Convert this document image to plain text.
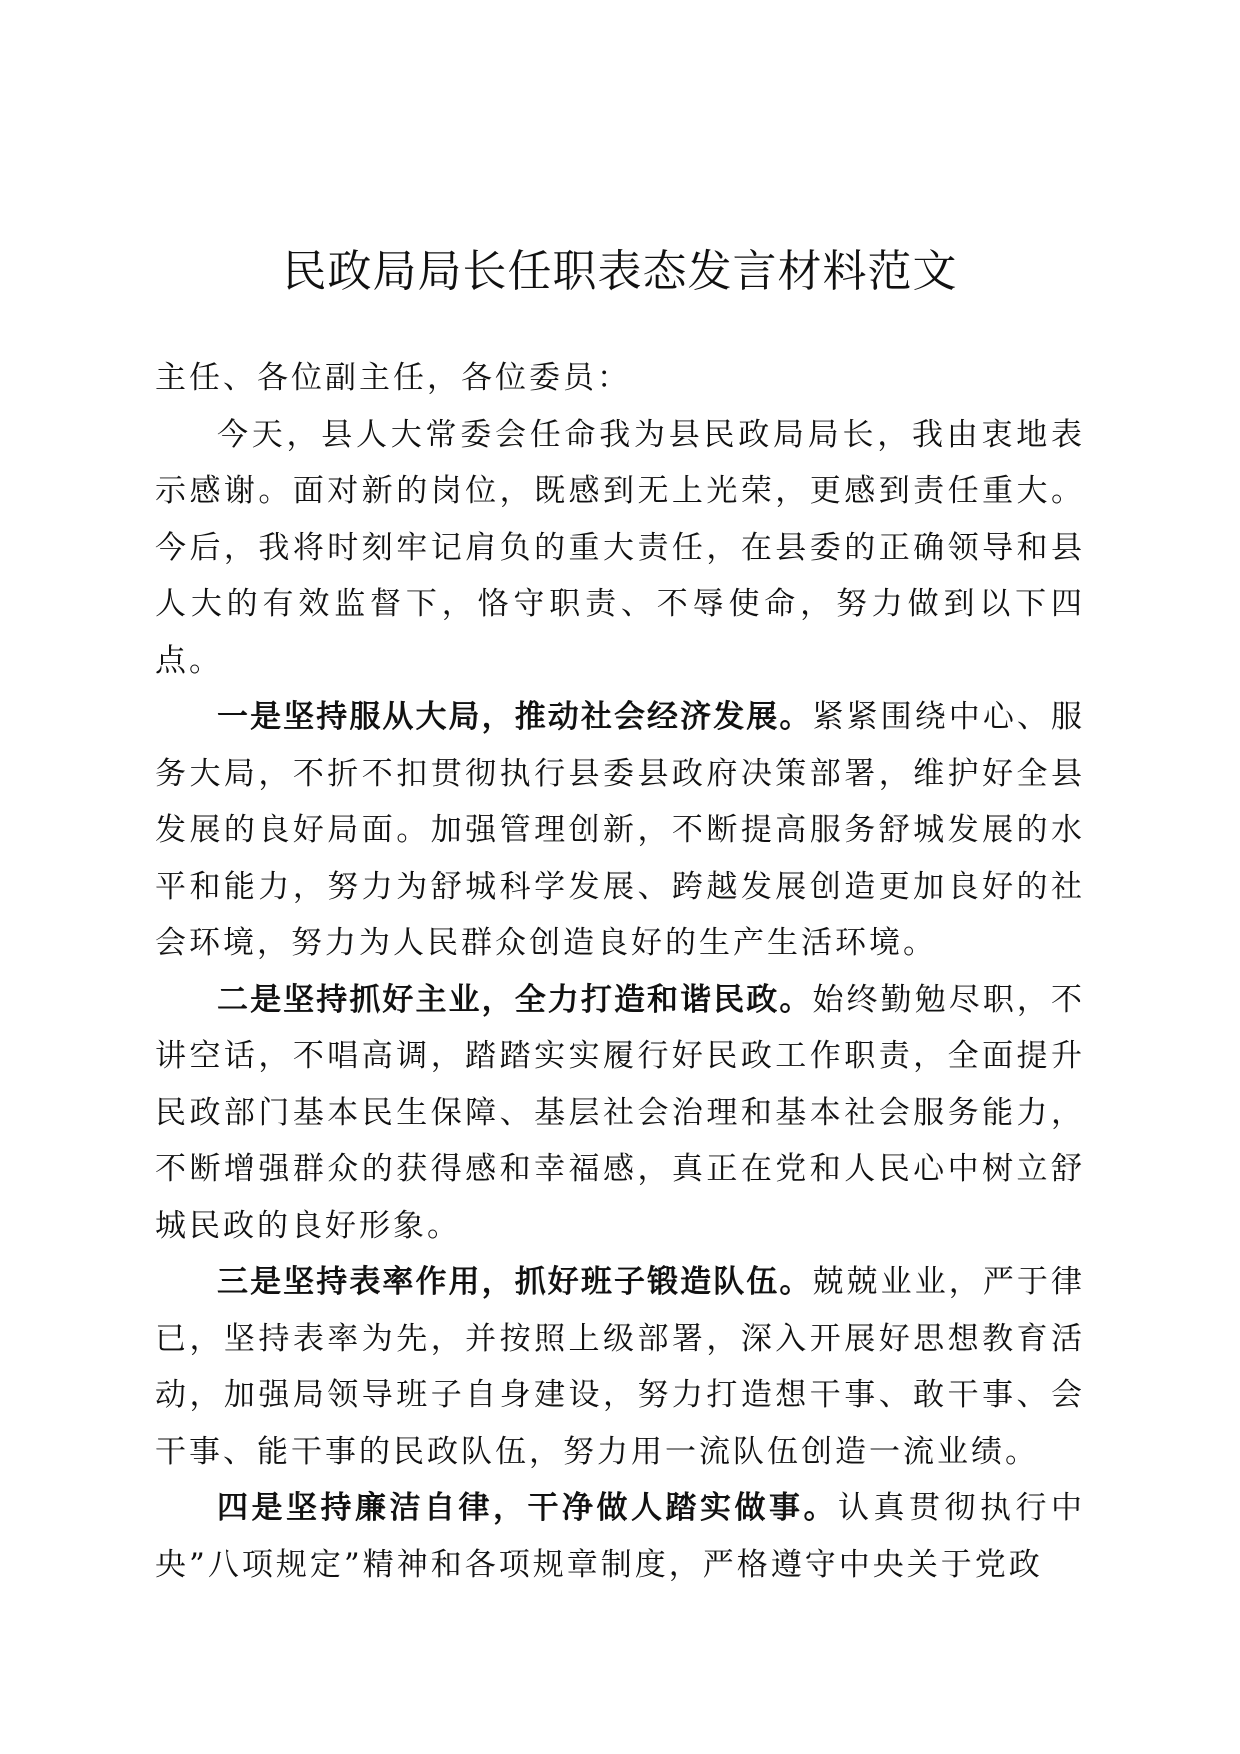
民政局局长任职表态发言材料范文

主任、各位副主任，各位委员：

今天，县人大常委会任命我为县民政局局长，我由衷地表示感谢。面对新的岗位，既感到无上光荣，更感到责任重大。今后，我将时刻牢记肩负的重大责任，在县委的正确领导和县人大的有效监督下，恪守职责、不辱使命，努力做到以下四点。

一是坚持服从大局，推动社会经济发展。紧紧围绕中心、服务大局，不折不扣贯彻执行县委县政府决策部署，维护好全县发展的良好局面。加强管理创新，不断提高服务舒城发展的水平和能力，努力为舒城科学发展、跨越发展创造更加良好的社会环境，努力为人民群众创造良好的生产生活环境。

二是坚持抓好主业，全力打造和谐民政。始终勤勉尽职，不讲空话，不唱高调，踏踏实实履行好民政工作职责，全面提升民政部门基本民生保障、基层社会治理和基本社会服务能力，不断增强群众的获得感和幸福感，真正在党和人民心中树立舒城民政的良好形象。

三是坚持表率作用，抓好班子锻造队伍。兢兢业业，严于律已，坚持表率为先，并按照上级部署，深入开展好思想教育活动，加强局领导班子自身建设，努力打造想干事、敢干事、会干事、能干事的民政队伍，努力用一流队伍创造一流业绩。

四是坚持廉洁自律，干净做人踏实做事。认真贯彻执行中央”八项规定”精神和各项规章制度，严格遵守中央关于党政
